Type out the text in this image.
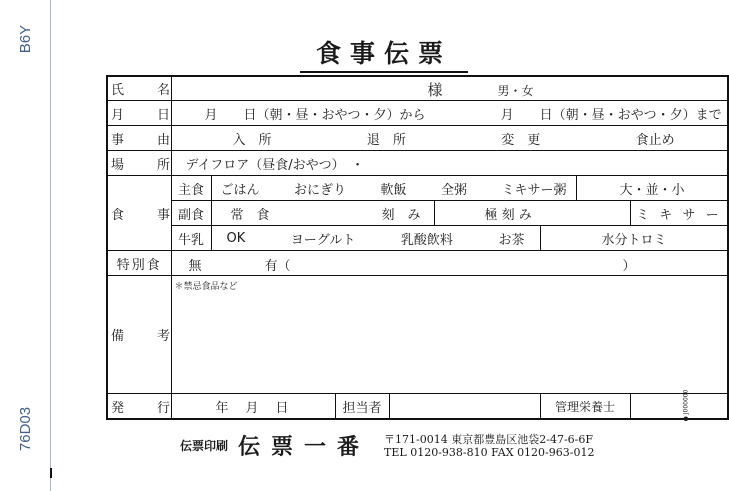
B6Y
76D03
食事伝票
氏　名	様 男・女								

月　日	月　　日（朝・昼・おやつ・夕）から 月　　日（朝・昼・おやつ・夕）まで								

事　由	入　所 退　所 変　更 食止め								

場　所	デイフロア（昼食/おやつ）　・								
食　事	主食	ごはん おにぎり 軟飯 全粥 ミキサー粥					大・並・小		
	副食	常　食 刻　み			極 刻 み			ミ キ サ ー	
	牛乳	OK ヨーグルト 乳酸飲料 お茶				水分トロミ	
特別食	無 有（ ）								

備　考	＊禁忌食品など								
発　行	年　月　日		担当者			管理栄養士				● J000000
伝票印刷 伝票一番 〒171-0014 東京都豊島区池袋2-47-6-6F
TEL 0120-938-810 FAX 0120-963-012
